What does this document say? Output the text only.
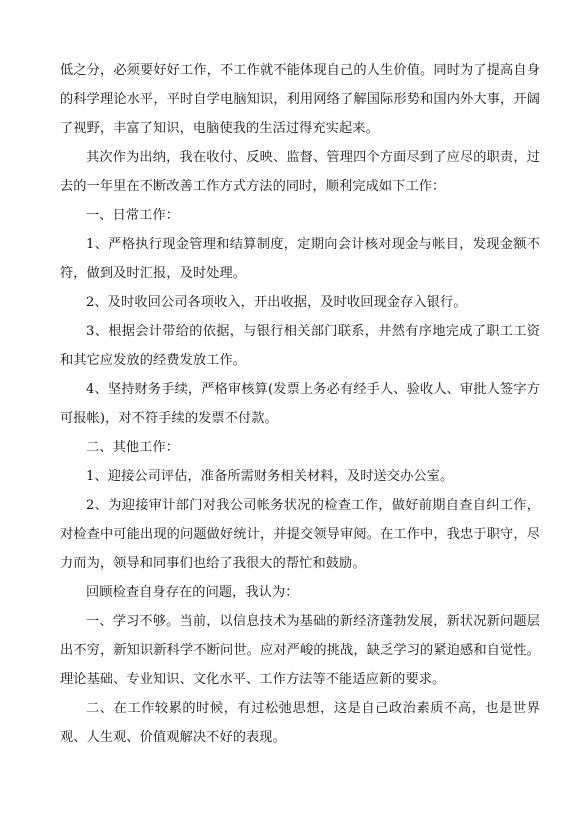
低之分，必须要好好工作，不工作就不能体现自己的人生价值。同时为了提高自身的科学理论水平，平时自学电脑知识，利用网络了解国际形势和国内外大事，开阔了视野，丰富了知识，电脑使我的生活过得充实起来。

其次作为出纳，我在收付、反映、监督、管理四个方面尽到了应尽的职责，过去的一年里在不断改善工作方式方法的同时，顺利完成如下工作：

一、日常工作：

1、严格执行现金管理和结算制度，定期向会计核对现金与帐目，发现金额不符，做到及时汇报，及时处理。

2、及时收回公司各项收入，开出收据，及时收回现金存入银行。

3、根据会计带给的依据，与银行相关部门联系，井然有序地完成了职工工资和其它应发放的经费发放工作。

4、坚持财务手续，严格审核算(发票上务必有经手人、验收人、审批人签字方可报帐)，对不符手续的发票不付款。

二、其他工作：

1、迎接公司评估，准备所需财务相关材料，及时送交办公室。

2、为迎接审计部门对我公司帐务状况的检查工作，做好前期自查自纠工作，对检查中可能出现的问题做好统计，并提交领导审阅。在工作中，我忠于职守，尽力而为，领导和同事们也给了我很大的帮忙和鼓励。

回顾检查自身存在的问题，我认为：

一、学习不够。当前，以信息技术为基础的新经济蓬勃发展，新状况新问题层出不穷，新知识新科学不断问世。应对严峻的挑战，缺乏学习的紧迫感和自觉性。理论基础、专业知识、文化水平、工作方法等不能适应新的要求。

二、在工作较累的时候，有过松弛思想，这是自己政治素质不高，也是世界观、人生观、价值观解决不好的表现。
